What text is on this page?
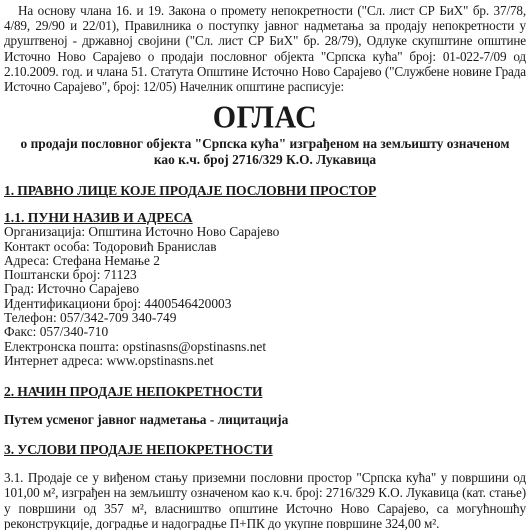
На основу члана 16. и 19. Закона о промету непокретности ("Сл. лист СР БиХ" бр. 37/78, 4/89, 29/90 и 22/01), Правилника о поступку јавног надметања за продају непокретности у друштвеној - државној својини ("Сл. лист СР БиХ" бр. 28/79), Одлуке скупштине општине Источно Ново Сарајево о продаји пословног објекта "Српска кућа" број: 01-022-7/09 од 2.10.2009. год. и члана 51. Статута Општине Источно Ново Сарајево ("Службене новине Града Источно Сарајево", број: 12/05) Начелник општине расписује:

ОГЛАС

о продаји пословног објекта "Српска кућа" изграђеном на земљишту означеном

као к.ч. број 2716/329 К.О. Лукавица

1. ПРАВНО ЛИЦЕ КОЈЕ ПРОДАЈЕ ПОСЛОВНИ ПРОСТОР
1.1. ПУНИ НАЗИВ И АДРЕСА

Организација: Општина Источно Ново Сарајево

Контакт особа: Тодоровић Бранислав

Адреса: Стефана Немање 2

Поштански број: 71123

Град: Источно Сарајево

Идентификациони број: 4400546420003

Телефон: 057/342-709 340-749

Факс: 057/340-710

Електронска пошта: opstinasns@opstinasns.net

Интернет адреса: www.opstinasns.net

2. НАЧИН ПРОДАЈЕ НЕПОКРЕТНОСТИ

Путем усменог јавног надметања - лицитација

3. УСЛОВИ ПРОДАЈЕ НЕПОКРЕТНОСТИ

3.1. Продаје се у виђеном стању приземни пословни простор "Српска кућа" у површини од 101,00 м², изграђен на земљишту означеном као к.ч. број: 2716/329 К.О. Лукавица (кат. стање) у површини од 357 м², власништво општине Источно Ново Сарајево, са могућношћу реконструкције, доградње и надоградње П+ПК до укупне површине 324,00 м².
